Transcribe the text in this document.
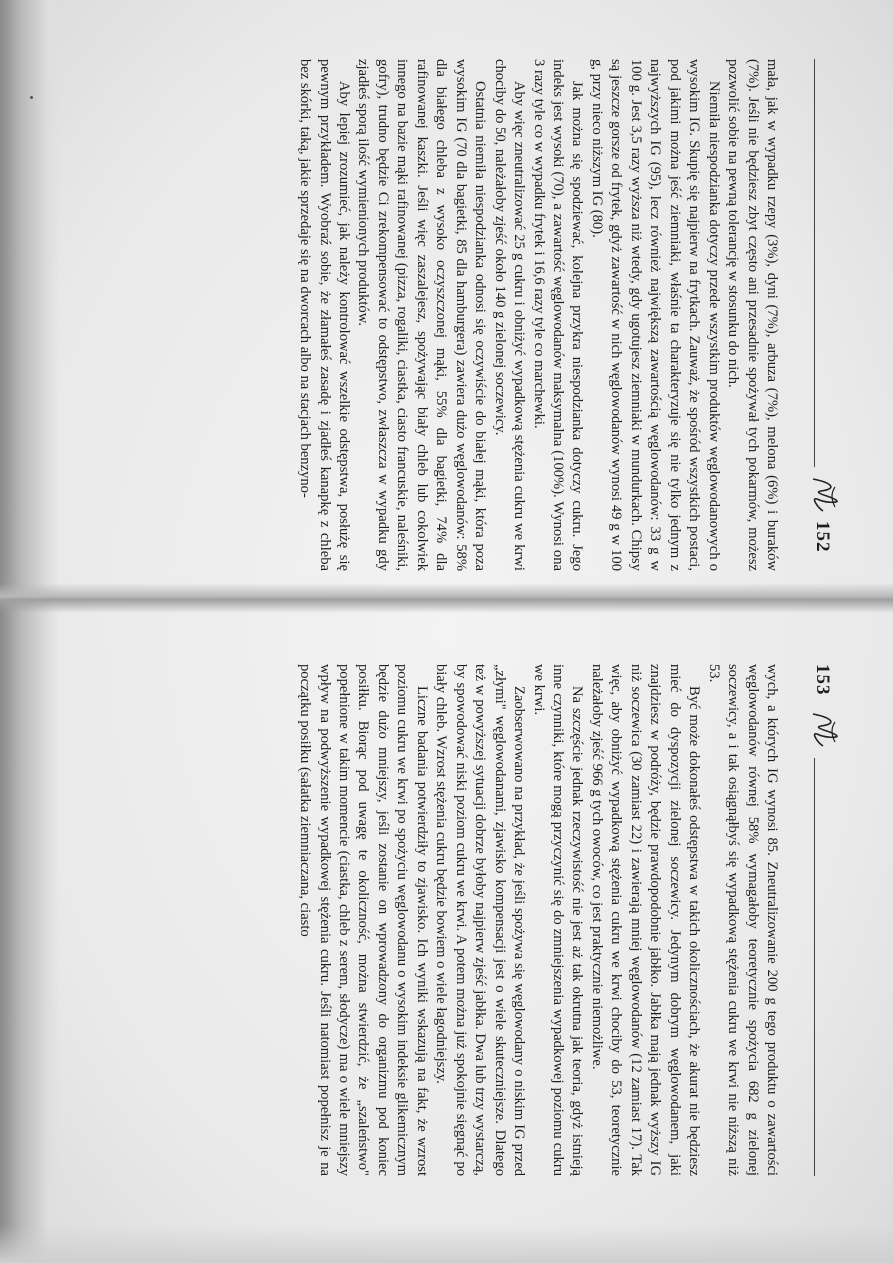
152

mała, jak w wypadku rzepy (3%), dyni (7%), arbuza (7%), melona (6%) i buraków (7%). Jeśli nie będziesz zbyt często ani przesadnie spożywał tych pokarmów, możesz pozwolić sobie na pewną tolerancję w stosunku do nich.

Niemiła niespodzianka dotyczy przede wszystkim produktów węglowodanowych o wysokim IG. Skupię się najpierw na frytkach. Zauważ, że spośród wszystkich postaci, pod jakimi można jeść ziemniaki, właśnie ta charakteryzuje się nie tylko jednym z najwyższych IG (95), lecz również największą zawartością węglowodanów: 33 g w 100 g. Jest 3,5 razy wyższa niż wtedy, gdy ugotujesz ziemniaki w mundurkach. Chipsy są jeszcze gorsze od frytek, gdyż zawartość w nich węglowodanów wynosi 49 g w 100 g, przy nieco niższym IG (80).

Jak można się spodziewać, kolejna przykra niespodzianka dotyczy cukru. Jego indeks jest wysoki (70), a zawartość węglowodanów maksymalna (100%). Wynosi ona 3 razy tyle co w wypadku frytek i 16,6 razy tyle co marchewki.

Aby więc zneutralizować 25 g cukru i obniżyć wypadkową stężenia cukru we krwi chociby do 50, należałoby zjeść około 140 g zielonej soczewicy.

Ostatnia niemiła niespodzianka odnosi się oczywiście do białej mąki, która poza wysokim IG (70 dla bagietki, 85 dla hamburgera) zawiera dużo węglowodanów: 58% dla białego chleba z wysoko oczyszczonej mąki, 55% dla bagietki, 74% dla rafinowanej kaszki. Jeśli więc zaszalejesz, spożywając biały chleb lub cokolwiek innego na bazie mąki rafinowanej (pizza, rogaliki, ciastka, ciasto francuskie, naleśniki, gofry), trudno będzie Ci zrekompensować to odstępstwo, zwłaszcza w wypadku gdy zjadłeś sporą ilość wymienionych produktów.

Aby lepiej zrozumieć, jak należy kontrolować wszelkie odstępstwa, posłużę się pewnym przykładem. Wyobraź sobie, że złamałeś zasadę i zjadłeś kanapkę z chleba bez skórki, taką, jakie sprzedaje się na dworcach albo na stacjach benzyno-

153

wych, a których IG wynosi 85. Zneutralizowanie 200 g tego produktu o zawartości węglowodanów równej 58% wymagałoby teoretycznie spożycia 682 g zielonej soczewicy, a i tak osiągnąłbyś się wypadkową stężenia cukru we krwi nie niższą niż 53.

Być może dokonałeś odstępstwa w takich okolicznościach, że akurat nie będziesz mieć do dyspozycji zielonej soczewicy. Jedynym dobrym węglowodanem, jaki znajdziesz w podróży, będzie prawdopodobnie jabłko. Jabłka mają jednak wyższy IG niż soczewica (30 zamiast 22) i zawierają mniej węglowodanów (12 zamiast 17). Tak więc, aby obniżyć wypadkową stężenia cukru we krwi chociby do 53, teoretycznie należałoby zjeść 966 g tych owoców, co jest praktycznie niemożliwe.

Na szczęście jednak rzeczywistość nie jest aż tak okrutna jak teoria, gdyż istnieją inne czynniki, które mogą przyczynić się do zmniejszenia wypadkowej poziomu cukru we krwi.

Zaobserwowano na przykład, że jeśli spożywa się węglowodany o niskim IG przed „złymi" węglowodanami, zjawisko kompensacji jest o wiele skuteczniejsze. Dlatego też w powyższej sytuacji dobrze byłoby najpierw zjeść jabłka. Dwa lub trzy wystarczą, by spowodować niski poziom cukru we krwi. A potem można już spokojnie sięgnąć po biały chleb. Wzrost stężenia cukru będzie bowiem o wiele łagodniejszy.

Liczne badania potwierdziły to zjawisko. Ich wyniki wskazują na fakt, że wzrost poziomu cukru we krwi po spożyciu węglowodanu o wysokim indeksie glikemicznym będzie dużo mniejszy, jeśli zostanie on wprowadzony do organizmu pod koniec posiłku. Biorąc pod uwagę te okoliczność, można stwierdzić, że „szaleństwo" popełnione w takim momencie (ciastka, chleb z serem, słodycze) ma o wiele mniejszy wpływ na podwyższenie wypadkowej stężenia cukru. Jeśli natomiast popełnisz je na początku posiłku (sałatka ziemniaczana, ciasto
